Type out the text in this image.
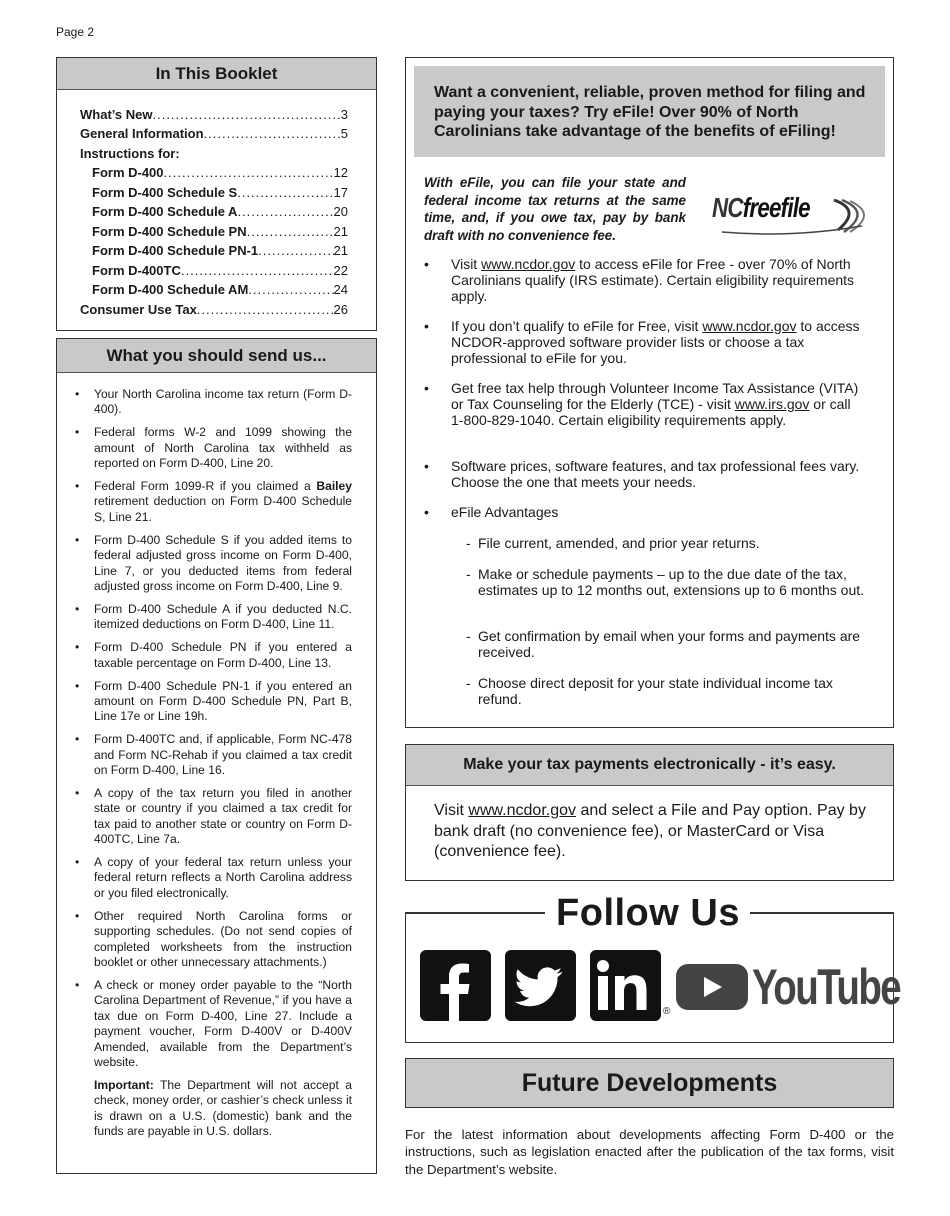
Page 2
In This Booklet
What’s New .....	3
General Information .....	5
Instructions for:
Form D-400 .....	12
Form D-400 Schedule S .....	17
Form D-400 Schedule A .....	20
Form D-400 Schedule PN .....	21
Form D-400 Schedule PN-1 .....	21
Form D-400TC .....	22
Form D-400 Schedule AM .....	24
Consumer Use Tax .....	26
What you should send us...
• Your North Carolina income tax return (Form D-400).
• Federal forms W-2 and 1099 showing the amount of North Carolina tax withheld as reported on Form D-400, Line 20.
• Federal Form 1099-R if you claimed a Bailey retirement deduction on Form D-400 Schedule S, Line 21.
• Form D-400 Schedule S if you added items to federal adjusted gross income on Form D-400, Line 7, or you deducted items from federal adjusted gross income on Form D-400, Line 9.
• Form D-400 Schedule A if you deducted N.C. itemized deductions on Form D-400, Line 11.
• Form D-400 Schedule PN if you entered a taxable percentage on Form D-400, Line 13.
• Form D-400 Schedule PN-1 if you entered an amount on Form D-400 Schedule PN, Part B, Line 17e or Line 19h.
• Form D-400TC and, if applicable, Form NC-478 and Form NC-Rehab if you claimed a tax credit on Form D-400, Line 16.
• A copy of the tax return you filed in another state or country if you claimed a tax credit for tax paid to another state or country on Form D-400TC, Line 7a.
• A copy of your federal tax return unless your federal return reflects a North Carolina address or you filed electronically.
• Other required North Carolina forms or supporting schedules. (Do not send copies of completed worksheets from the instruction booklet or other unnecessary attachments.)
• A check or money order payable to the “North Carolina Department of Revenue,” if you have a tax due on Form D-400, Line 27. Include a payment voucher, Form D-400V or D-400V Amended, available from the Department’s website.
Important: The Department will not accept a check, money order, or cashier’s check unless it is drawn on a U.S. (domestic) bank and the funds are payable in U.S. dollars.
Want a convenient, reliable, proven method for filing and paying your taxes? Try eFile! Over 90% of North Carolinians take advantage of the benefits of eFiling!
With eFile, you can file your state and federal income tax returns at the same time, and, if you owe tax, pay by bank draft with no convenience fee.
NCfreefile
• Visit www.ncdor.gov to access eFile for Free - over 70% of North Carolinians qualify (IRS estimate). Certain eligibility requirements apply.
• If you don’t qualify to eFile for Free, visit www.ncdor.gov to access NCDOR-approved software provider lists or choose a tax professional to eFile for you.
• Get free tax help through Volunteer Income Tax Assistance (VITA) or Tax Counseling for the Elderly (TCE) - visit www.irs.gov or call 1-800-829-1040. Certain eligibility requirements apply.
• Software prices, software features, and tax professional fees vary. Choose the one that meets your needs.
• eFile Advantages
- File current, amended, and prior year returns.
- Make or schedule payments – up to the due date of the tax, estimates up to 12 months out, extensions up to 6 months out.
- Get confirmation by email when your forms and payments are received.
- Choose direct deposit for your state individual income tax refund.
Make your tax payments electronically - it’s easy.
Visit www.ncdor.gov and select a File and Pay option. Pay by bank draft (no convenience fee), or MasterCard or Visa (convenience fee).
Follow Us
® YouTube
Future Developments
For the latest information about developments affecting Form D-400 or the instructions, such as legislation enacted after the publication of the tax forms, visit the Department’s website.
